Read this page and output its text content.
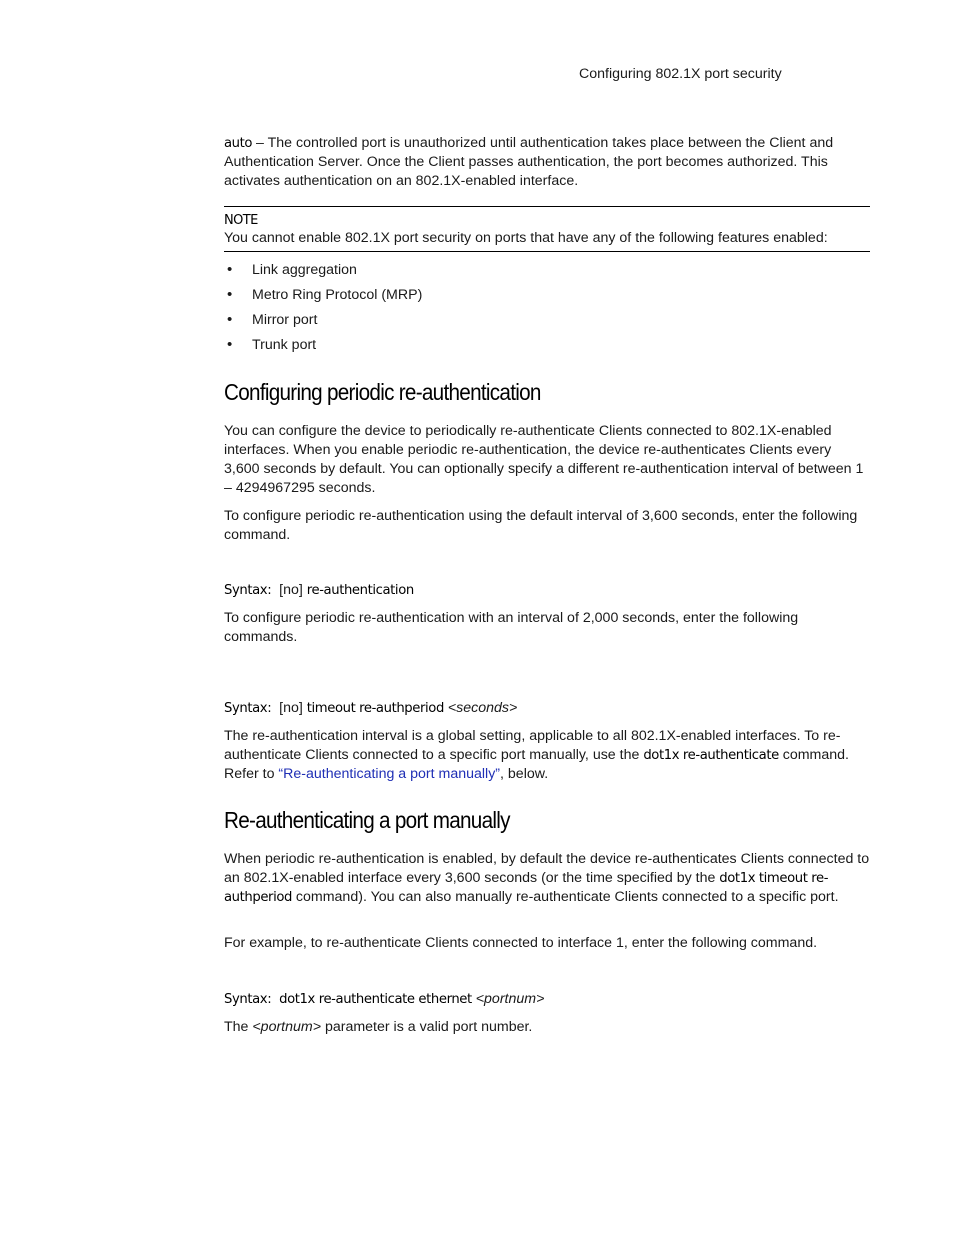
Configuring 802.1X port security

auto – The controlled port is unauthorized until authentication takes place between the Client and Authentication Server. Once the Client passes authentication, the port becomes authorized. This activates authentication on an 802.1X-enabled interface.

NOTE
You cannot enable 802.1X port security on ports that have any of the following features enabled:
• Link aggregation
• Metro Ring Protocol (MRP)
• Mirror port
• Trunk port
Configuring periodic re-authentication

You can configure the device to periodically re-authenticate Clients connected to 802.1X-enabled interfaces. When you enable periodic re-authentication, the device re-authenticates Clients every 3,600 seconds by default. You can optionally specify a different re-authentication interval of between 1 – 4294967295 seconds.

To configure periodic re-authentication using the default interval of 3,600 seconds, enter the following command.

Syntax: [no] re-authentication

To configure periodic re-authentication with an interval of 2,000 seconds, enter the following commands.

Syntax: [no] timeout re-authperiod <seconds>

The re-authentication interval is a global setting, applicable to all 802.1X-enabled interfaces. To re-authenticate Clients connected to a specific port manually, use the dot1x re-authenticate command. Refer to “Re-authenticating a port manually”, below.

Re-authenticating a port manually

When periodic re-authentication is enabled, by default the device re-authenticates Clients connected to an 802.1X-enabled interface every 3,600 seconds (or the time specified by the dot1x timeout re-authperiod command). You can also manually re-authenticate Clients connected to a specific port.

For example, to re-authenticate Clients connected to interface 1, enter the following command.

Syntax: dot1x re-authenticate ethernet <portnum>

The <portnum> parameter is a valid port number.
